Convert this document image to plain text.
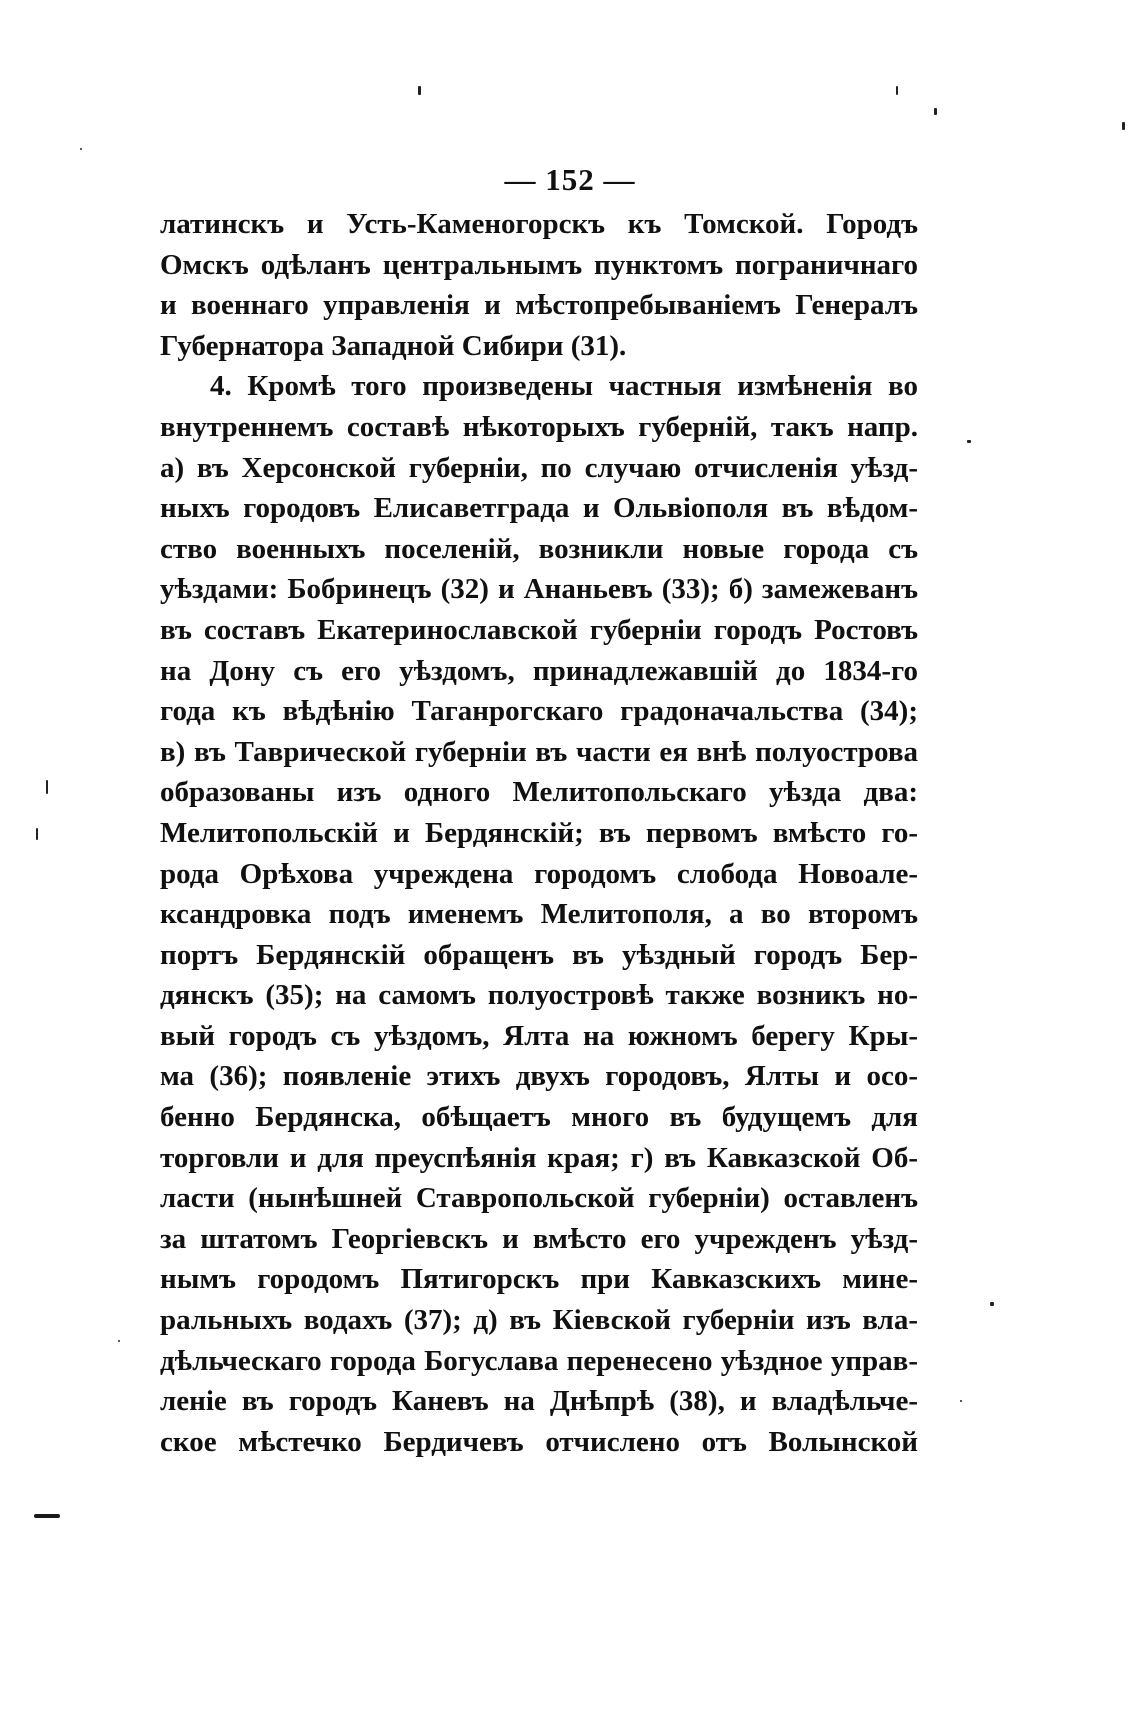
— 152 —
латинскъ и Усть-Каменогорскъ къ Томской. Городъ
Омскъ одѣланъ центральнымъ пунктомъ пограничнаго
и военнаго управленія и мѣстопребываніемъ Генералъ
Губернатора Западной Сибири (31).
4. Кромѣ того произведены частныя измѣненія во
внутреннемъ составѣ нѣкоторыхъ губерній, такъ напр.
а) въ Херсонской губерніи, по случаю отчисленія уѣзд-
ныхъ городовъ Елисаветграда и Ольвіополя въ вѣдом-
ство военныхъ поселеній, возникли новые города съ
уѣздами: Бобринецъ (32) и Ананьевъ (33); б) замежеванъ
въ составъ Екатеринославской губерніи городъ Ростовъ
на Дону съ его уѣздомъ, принадлежавшій до 1834-го
года къ вѣдѣнію Таганрогскаго градоначальства (34);
в) въ Таврической губерніи въ части ея внѣ полуострова
образованы изъ одного Мелитопольскаго уѣзда два:
Мелитопольскій и Бердянскій; въ первомъ вмѣсто го-
рода Орѣхова учреждена городомъ слобода Новоале-
ксандровка подъ именемъ Мелитополя, а во второмъ
портъ Бердянскій обращенъ въ уѣздный городъ Бер-
дянскъ (35); на самомъ полуостровѣ также возникъ но-
вый городъ съ уѣздомъ, Ялта на южномъ берегу Кры-
ма (36); появленіе этихъ двухъ городовъ, Ялты и осо-
бенно Бердянска, обѣщаетъ много въ будущемъ для
торговли и для преуспѣянія края; г) въ Кавказской Об-
ласти (нынѣшней Ставропольской губерніи) оставленъ
за штатомъ Георгіевскъ и вмѣсто его учрежденъ уѣзд-
нымъ городомъ Пятигорскъ при Кавказскихъ мине-
ральныхъ водахъ (37); д) въ Кіевской губерніи изъ вла-
дѣльческаго города Богуслава перенесено уѣздное управ-
леніе въ городъ Каневъ на Днѣпрѣ (38), и владѣльче-
ское мѣстечко Бердичевъ отчислено отъ Волынской
